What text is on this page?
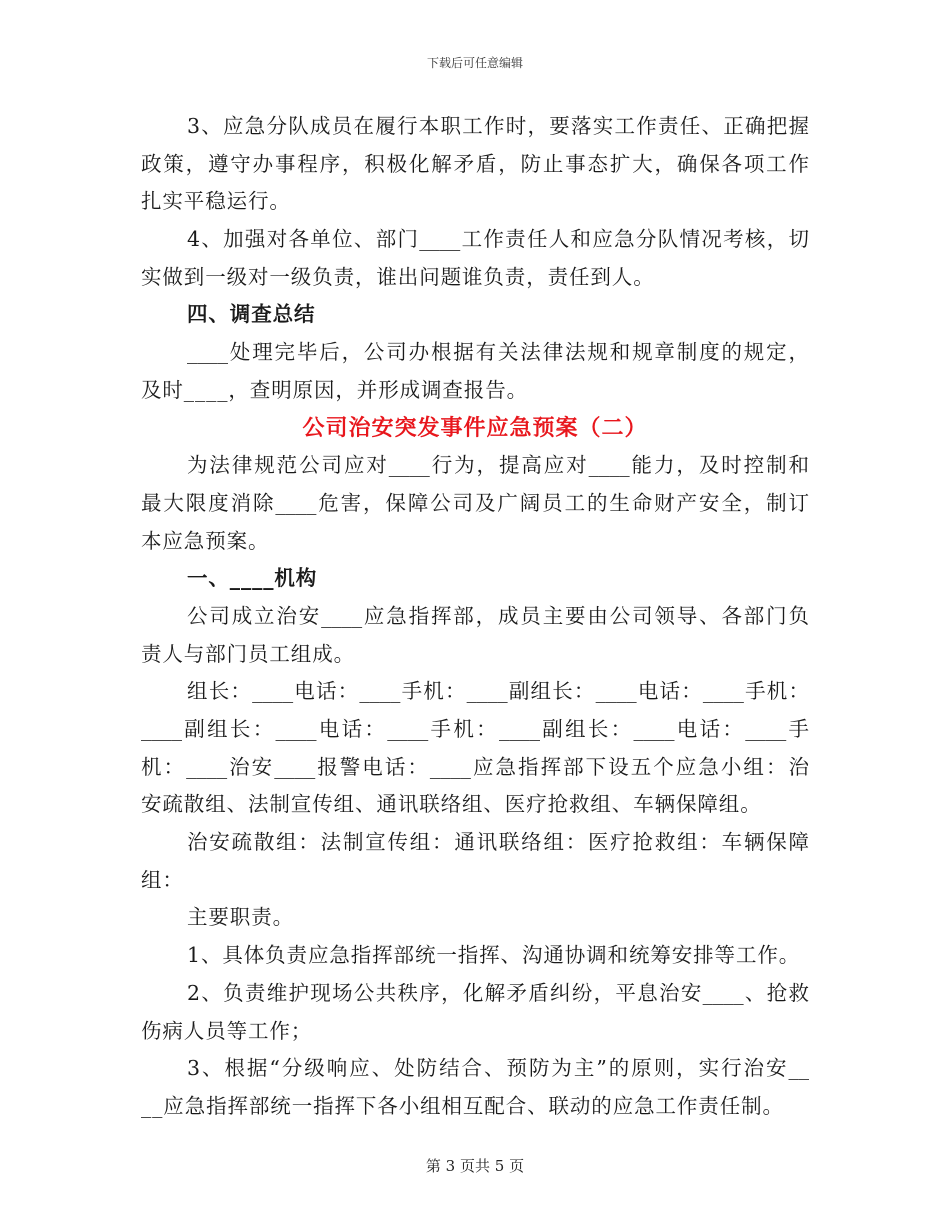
下载后可任意编辑
3、应急分队成员在履行本职工作时，要落实工作责任、正确把握
政策，遵守办事程序，积极化解矛盾，防止事态扩大，确保各项工作
扎实平稳运行。
4、加强对各单位、部门____工作责任人和应急分队情况考核，切
实做到一级对一级负责，谁出问题谁负责，责任到人。
四、调查总结
____处理完毕后，公司办根据有关法律法规和规章制度的规定，
及时____，查明原因，并形成调查报告。
公司治安突发事件应急预案（二）
为法律规范公司应对____行为，提高应对____能力，及时控制和
最大限度消除____危害，保障公司及广阔员工的生命财产安全，制订
本应急预案。
一、____机构
公司成立治安____应急指挥部，成员主要由公司领导、各部门负
责人与部门员工组成。
组长：____电话：____手机：____副组长：____电话：____手机：
____副组长：____电话：____手机：____副组长：____电话：____手
机：____治安____报警电话：____应急指挥部下设五个应急小组：治
安疏散组、法制宣传组、通讯联络组、医疗抢救组、车辆保障组。
治安疏散组：法制宣传组：通讯联络组：医疗抢救组：车辆保障
组：
主要职责。
1、具体负责应急指挥部统一指挥、沟通协调和统筹安排等工作。
2、负责维护现场公共秩序，化解矛盾纠纷，平息治安____、抢救
伤病人员等工作；
3、根据“分级响应、处防结合、预防为主”的原则，实行治安__
__应急指挥部统一指挥下各小组相互配合、联动的应急工作责任制。
第 3 页共 5 页
